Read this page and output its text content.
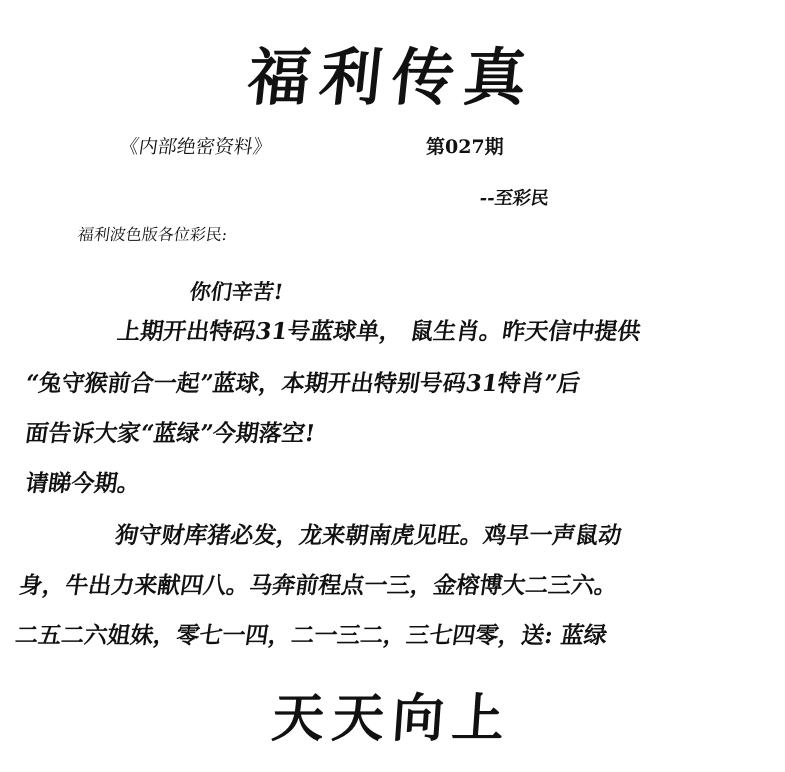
福利传真
《内部绝密资料》	第027期
--至彩民
福利波色版各位彩民:
你们辛苦!
上期开出特码31号蓝球单， 鼠生肖。昨天信中提供
“兔守猴前合一起”蓝球，本期开出特别号码31特肖”后
面告诉大家“蓝绿”今期落空!
请睇今期。
狗守财库猪必发，龙来朝南虎见旺。鸡早一声鼠动
身，牛出力来献四八。马奔前程点一三，金榕博大二三六。
二五二六姐妹，零七一四，二一三二，三七四零，送: 蓝绿
天天向上
